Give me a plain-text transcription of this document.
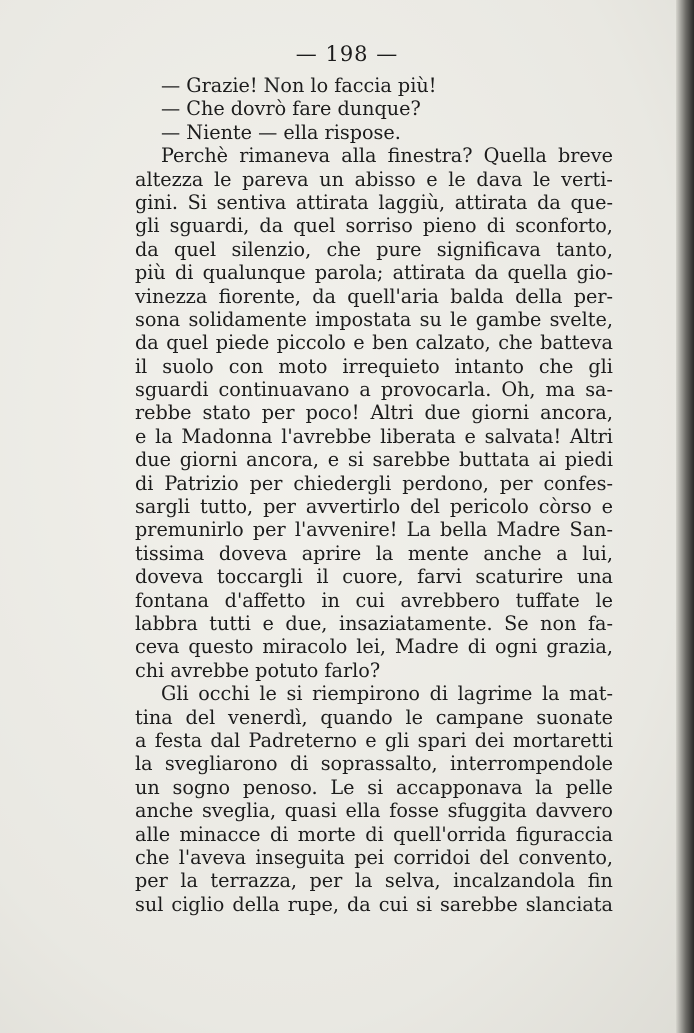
— 198 —
— Grazie! Non lo faccia più!
— Che dovrò fare dunque?
— Niente — ella rispose.
Perchè rimaneva alla finestra? Quella breve
altezza le pareva un abisso e le dava le verti-
gini. Si sentiva attirata laggiù, attirata da que-
gli sguardi, da quel sorriso pieno di sconforto,
da quel silenzio, che pure significava tanto,
più di qualunque parola; attirata da quella gio-
vinezza fiorente, da quell'aria balda della per-
sona solidamente impostata su le gambe svelte,
da quel piede piccolo e ben calzato, che batteva
il suolo con moto irrequieto intanto che gli
sguardi continuavano a provocarla. Oh, ma sa-
rebbe stato per poco! Altri due giorni ancora,
e la Madonna l'avrebbe liberata e salvata! Altri
due giorni ancora, e si sarebbe buttata ai piedi
di Patrizio per chiedergli perdono, per confes-
sargli tutto, per avvertirlo del pericolo còrso e
premunirlo per l'avvenire! La bella Madre San-
tissima doveva aprire la mente anche a lui,
doveva toccargli il cuore, farvi scaturire una
fontana d'affetto in cui avrebbero tuffate le
labbra tutti e due, insaziatamente. Se non fa-
ceva questo miracolo lei, Madre di ogni grazia,
chi avrebbe potuto farlo?
Gli occhi le si riempirono di lagrime la mat-
tina del venerdì, quando le campane suonate
a festa dal Padreterno e gli spari dei mortaretti
la svegliarono di soprassalto, interrompendole
un sogno penoso. Le si accapponava la pelle
anche sveglia, quasi ella fosse sfuggita davvero
alle minacce di morte di quell'orrida figuraccia
che l'aveva inseguita pei corridoi del convento,
per la terrazza, per la selva, incalzandola fin
sul ciglio della rupe, da cui si sarebbe slanciata
